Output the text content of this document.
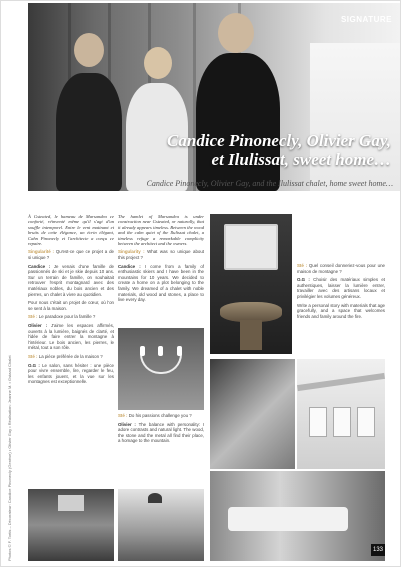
SIGNATURE
Candice Pinonecly, Olivier Gay,
et Ilulissat, sweet home…
Candice Pinonecly, Olivier Gay, and the Ilulissat chalet, home sweet home…
Photos © F. Tortis – Décorateur: Candice Pinonecly (Genève) • Olivier Gay • Réalisation: Jeanne M. • Gstaad Chalet

À Gsteated, le hameau de Marsandea ce conforté, réinventé même qu'il s'agi d'un souffle intemporel. Entre le vent matinant et bruits de cette élégance, un écrin élégant, Cahn Pinonecly et l'architecte a conçu ce repaire.

Singularité : Qu'est-ce que ce projet a de si unique ?

Candice : Je venais d'une famille de passionnés de ski et je skie depuis 10 ans. Sur un terrain de famille, on souhaitait retrouver l'esprit montagnard avec des matériaux nobles, du bois ancien et des pierres, un chalet à vivre au quotidien.

Pour nous c'était un projet de cœur, où l'on se sent à la maison.

Sté : Le paradoxe pour la famille ?

Olivier : J'aime les espaces affirmés, ouverts à la lumière, baignés de clarté, et l'idée de faire entrer la montagne à l'intérieur. Le bois ancien, les pierres, le métal, tout a son rôle.

Sté : La pièce préférée de la maison ?

O.G : Le salon, sans hésiter : une pièce pour vivre ensemble, lire, regarder le feu, les enfants jouent, et la vue sur les montagnes est exceptionnelle.

The hamlet of Marsandea is under construction near Gsteated, or naturally, that it already appears timeless. Between the wood and the calm quiet of the Ilulissat chalet, a timeless refuge a remarkable complicity between the architect and the owners.

Singularity : What was so unique about this project ?

Candice : I come from a family of enthusiastic skiers and I have been in the mountains for 10 years. We decided to create a home on a plot belonging to the family. We dreamed of a chalet with noble materials, old wood and stones, a place to live every day.

Sté : Do his passions challenge you ?

Olivier : The balance with personality: I adore contrasts and natural light. The wood, the stone and the metal all find their place, a homage to the mountain.

Sté : Quel conseil donneriez-vous pour une maison de montagne ?

O.G : Choisir des matériaux simples et authentiques, laisser la lumière entrer, travailler avec des artisans locaux et privilégier les volumes généreux.

Write a personal story with materials that age gracefully, and a space that welcomes friends and family around the fire.

133
